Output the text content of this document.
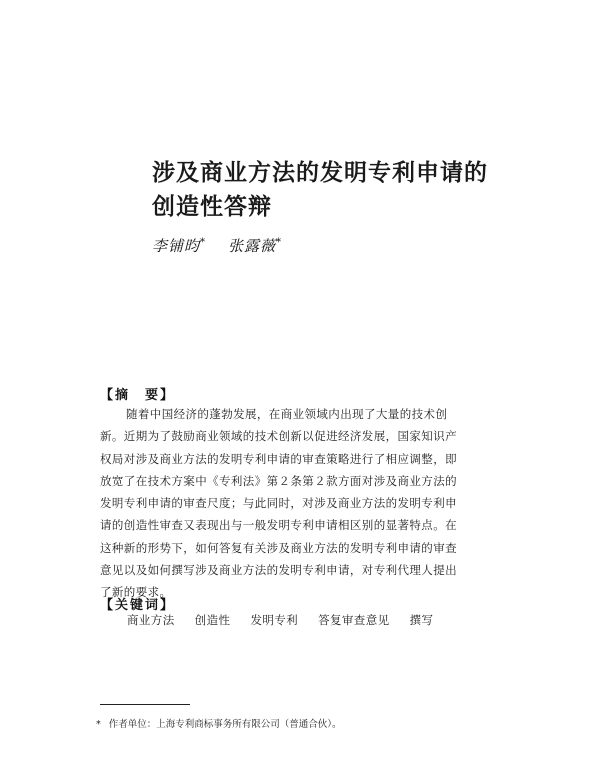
涉及商业方法的发明专利申请的
创造性答辩
李铺昀* 张露薇*
【摘　要】
随着中国经济的蓬勃发展，在商业领域内出现了大量的技术创
新。近期为了鼓励商业领域的技术创新以促进经济发展，国家知识产
权局对涉及商业方法的发明专利申请的审查策略进行了相应调整，即
放宽了在技术方案中《专利法》第２条第２款方面对涉及商业方法的
发明专利申请的审查尺度；与此同时，对涉及商业方法的发明专利申
请的创造性审查又表现出与一般发明专利申请相区别的显著特点。在
这种新的形势下，如何答复有关涉及商业方法的发明专利申请的审查
意见以及如何撰写涉及商业方法的发明专利申请，对专利代理人提出
了新的要求。
【关键词】
商业方法 创造性 发明专利 答复审查意见 撰写
* 作者单位：上海专利商标事务所有限公司（普通合伙）。
